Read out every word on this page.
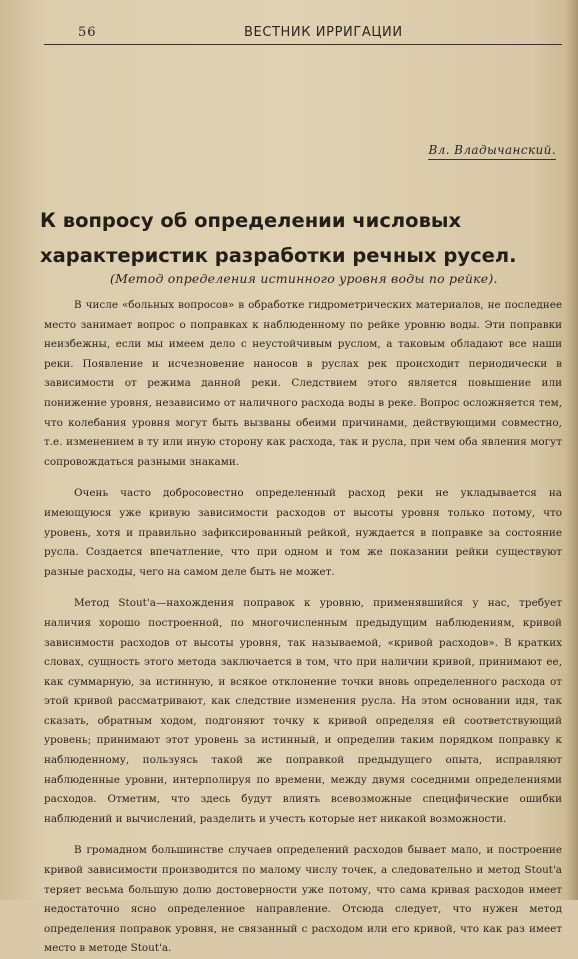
56	ВЕСТНИК ИРРИГАЦИИ
Вл. Владычанский.
К вопросу об определении числовых характеристик разработки речных русел.

(Метод определения истинного уровня воды по рейке).

В числе «больных вопросов» в обработке гидрометрических материалов, не последнее место занимает вопрос о поправках к наблюденному по рейке уровню воды. Эти поправки неизбежны, если мы имеем дело с неустойчивым руслом, а таковым обладают все наши реки. Появление и исчезновение наносов в руслах рек происходит периодически в зависимости от режима данной реки. Следствием этого является повышение или понижение уровня, независимо от наличного расхода воды в реке. Вопрос осложняется тем, что колебания уровня могут быть вызваны обеими причинами, действующими совместно, т.е. изменением в ту или иную сторону как расхода, так и русла, при чем оба явления могут сопровождаться разными знаками.

Очень часто добросовестно определенный расход реки не укладывается на имеющуюся уже кривую зависимости расходов от высоты уровня только потому, что уровень, хотя и правильно зафиксированный рейкой, нуждается в поправке за состояние русла. Создается впечатление, что при одном и том же показании рейки существуют разные расходы, чего на самом деле быть не может.

Метод Stout'а—нахождения поправок к уровню, применявшийся у нас, требует наличия хорошо построенной, по многочисленным предыдущим наблюдениям, кривой зависимости расходов от высоты уровня, так называемой, «кривой расходов». В кратких словах, сущность этого метода заключается в том, что при наличии кривой, принимают ее, как суммарную, за истинную, и всякое отклонение точки вновь определенного расхода от этой кривой рассматривают, как следствие изменения русла. На этом основании идя, так сказать, обратным ходом, подгоняют точку к кривой определяя ей соответствующий уровень; принимают этот уровень за истинный, и определив таким порядком поправку к наблюденному, пользуясь такой же поправкой предыдущего опыта, исправляют наблюденные уровни, интерполируя по времени, между двумя соседними определениями расходов. Отметим, что здесь будут влиять всевозможные специфические ошибки наблюдений и вычислений, разделить и учесть которые нет никакой возможности.

В громадном большинстве случаев определений расходов бывает мало, и построение кривой зависимости производится по малому числу точек, а следовательно и метод Stout'а теряет весьма большую долю достоверности уже потому, что сама кривая расходов имеет недостаточно ясно определенное направление. Отсюда следует, что нужен метод определения поправок уровня, не связанный с расходом или его кривой, что как раз имеет место в методе Stout'а.
